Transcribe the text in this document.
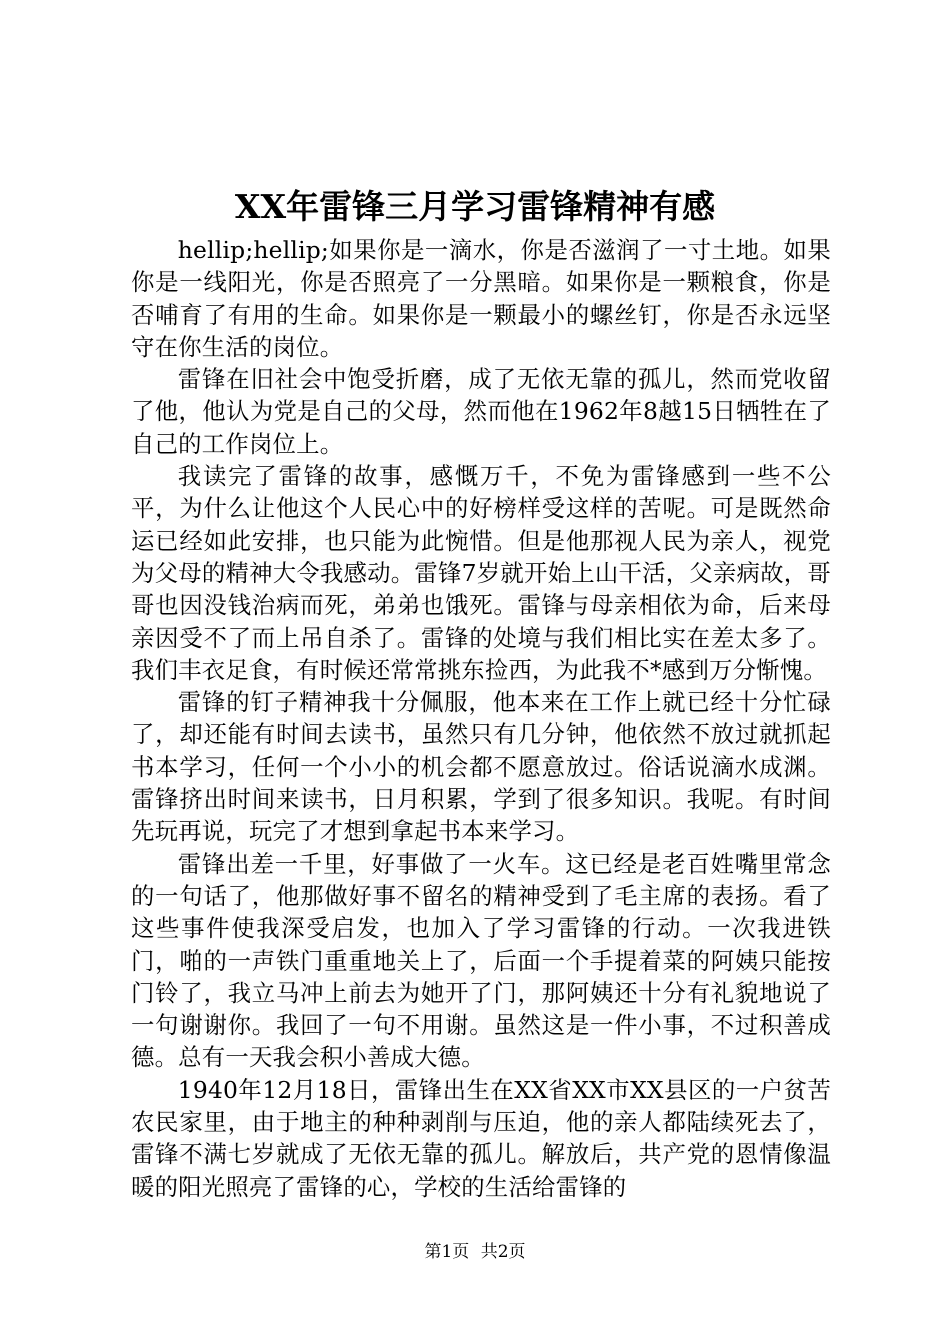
XX年雷锋三月学习雷锋精神有感

hellip;hellip;如果你是一滴水，你是否滋润了一寸土地。如果你是一线阳光，你是否照亮了一分黑暗。如果你是一颗粮食，你是否哺育了有用的生命。如果你是一颗最小的螺丝钉，你是否永远坚守在你生活的岗位。

雷锋在旧社会中饱受折磨，成了无依无靠的孤儿，然而党收留了他，他认为党是自己的父母，然而他在1962年8越15日牺牲在了自己的工作岗位上。

我读完了雷锋的故事，感慨万千，不免为雷锋感到一些不公平，为什么让他这个人民心中的好榜样受这样的苦呢。可是既然命运已经如此安排，也只能为此惋惜。但是他那视人民为亲人，视党为父母的精神大令我感动。雷锋7岁就开始上山干活，父亲病故，哥哥也因没钱治病而死，弟弟也饿死。雷锋与母亲相依为命，后来母亲因受不了而上吊自杀了。雷锋的处境与我们相比实在差太多了。我们丰衣足食，有时候还常常挑东捡西，为此我不*感到万分惭愧。

雷锋的钉子精神我十分佩服，他本来在工作上就已经十分忙碌了，却还能有时间去读书，虽然只有几分钟，他依然不放过就抓起书本学习，任何一个小小的机会都不愿意放过。俗话说滴水成渊。雷锋挤出时间来读书，日月积累，学到了很多知识。我呢。有时间先玩再说，玩完了才想到拿起书本来学习。

雷锋出差一千里，好事做了一火车。这已经是老百姓嘴里常念的一句话了，他那做好事不留名的精神受到了毛主席的表扬。看了这些事件使我深受启发，也加入了学习雷锋的行动。一次我进铁门，啪的一声铁门重重地关上了，后面一个手提着菜的阿姨只能按门铃了，我立马冲上前去为她开了门，那阿姨还十分有礼貌地说了一句谢谢你。我回了一句不用谢。虽然这是一件小事，不过积善成德。总有一天我会积小善成大德。

1940年12月18日，雷锋出生在XX省XX市XX县区的一户贫苦农民家里，由于地主的种种剥削与压迫，他的亲人都陆续死去了，雷锋不满七岁就成了无依无靠的孤儿。解放后，共产党的恩情像温暖的阳光照亮了雷锋的心，学校的生活给雷锋的

第1页 共2页
